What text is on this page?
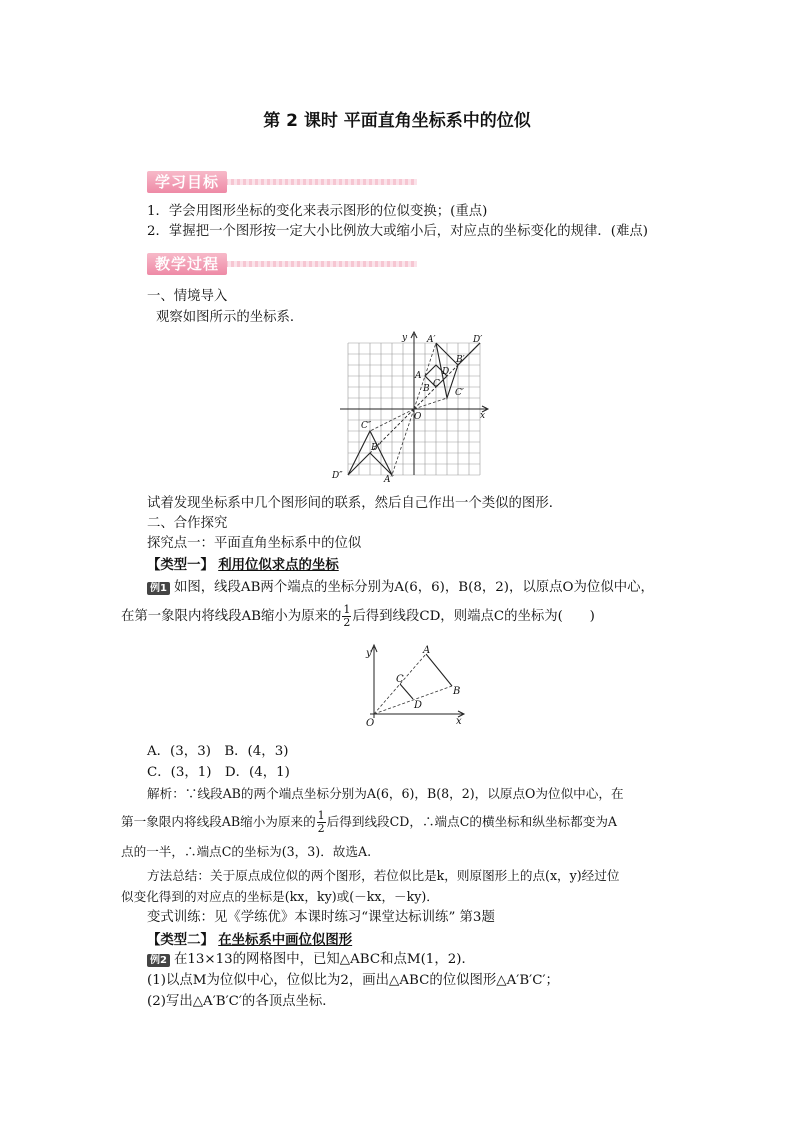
第 2 课时 平面直角坐标系中的位似
学习目标
1．学会用图形坐标的变化来表示图形的位似变换；(重点)
2．掌握把一个图形按一定大小比例放大或缩小后，对应点的坐标变化的规律．(难点)
教学过程
一、情境导入
观察如图所示的坐标系．
y
x
O
A′	D′
B′
C′
A D
B C
C″
B″
D″	A″
试着发现坐标系中几个图形间的联系，然后自己作出一个类似的图形．
二、合作探究
探究点一：平面直角坐标系中的位似
【类型一】 利用位似求点的坐标
例1 如图，线段AB两个端点的坐标分别为A(6，6)，B(8，2)，以原点O为位似中心，
在第一象限内将线段AB缩小为原来的 $\frac{1}{2}$ 后得到线段CD，则端点C的坐标为(　　)
y
x
O
A
B
C
D
A．(3，3)　B．(4，3)
C．(3，1)　D．(4，1)
解析：∵线段AB的两个端点坐标分别为A(6，6)，B(8，2)，以原点O为位似中心，在
第一象限内将线段AB缩小为原来的 $\frac{1}{2}$ 后得到线段CD，∴端点C的横坐标和纵坐标都变为A
点的一半，∴端点C的坐标为(3，3)．故选A.
方法总结：关于原点成位似的两个图形，若位似比是k，则原图形上的点(x，y)经过位
似变化得到的对应点的坐标是(kx，ky)或(－kx，－ky)．
变式训练：见《学练优》本课时练习“课堂达标训练” 第3题
【类型二】 在坐标系中画位似图形
例2 在13×13的网格图中，已知△ABC和点M(1，2)．
(1)以点M为位似中心，位似比为2，画出△ABC的位似图形△A′B′C′；
(2)写出△A′B′C′的各顶点坐标．
